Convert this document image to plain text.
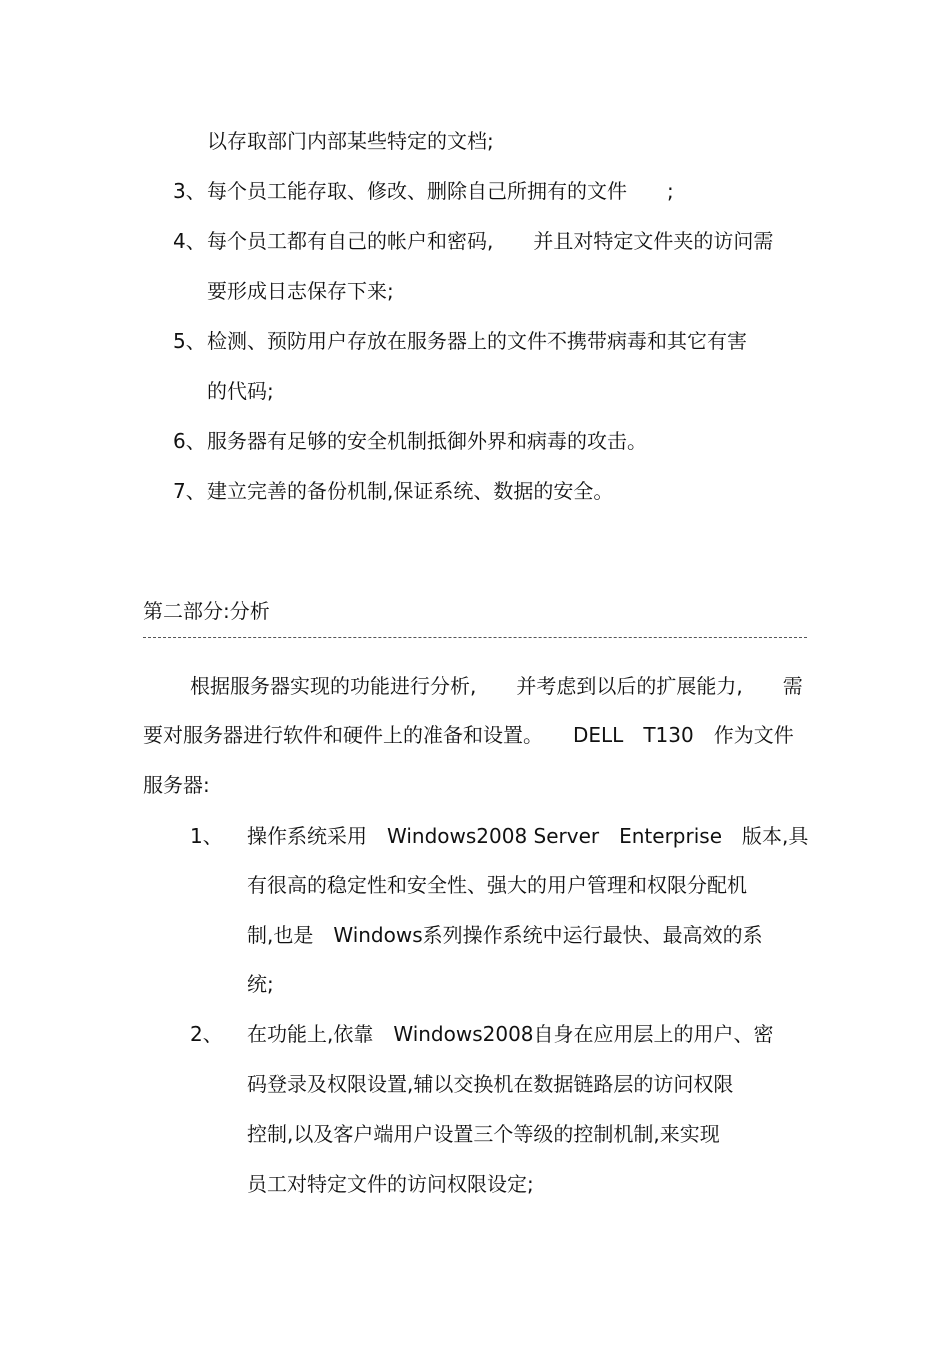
以存取部门内部某些特定的文档;
3、 每个员工能存取、修改、删除自己所拥有的文件　　;
4、 每个员工都有自己的帐户和密码,　　并且对特定文件夹的访问需
要形成日志保存下来;
5、 检测、预防用户存放在服务器上的文件不携带病毒和其它有害
的代码;
6、 服务器有足够的安全机制抵御外界和病毒的攻击。
7、 建立完善的备份机制,保证系统、数据的安全。
第二部分:分析
根据服务器实现的功能进行分析,　　并考虑到以后的扩展能力,　　需
要对服务器进行软件和硬件上的准备和设置。　　DELL　T130　作为文件
服务器:
1、 操作系统采用　Windows2008 Server　Enterprise　版本,具
有很高的稳定性和安全性、强大的用户管理和权限分配机
制,也是　Windows系列操作系统中运行最快、最高效的系
统;
2、 在功能上,依靠　Windows2008自身在应用层上的用户、密
码登录及权限设置,辅以交换机在数据链路层的访问权限
控制,以及客户端用户设置三个等级的控制机制,来实现
员工对特定文件的访问权限设定;
